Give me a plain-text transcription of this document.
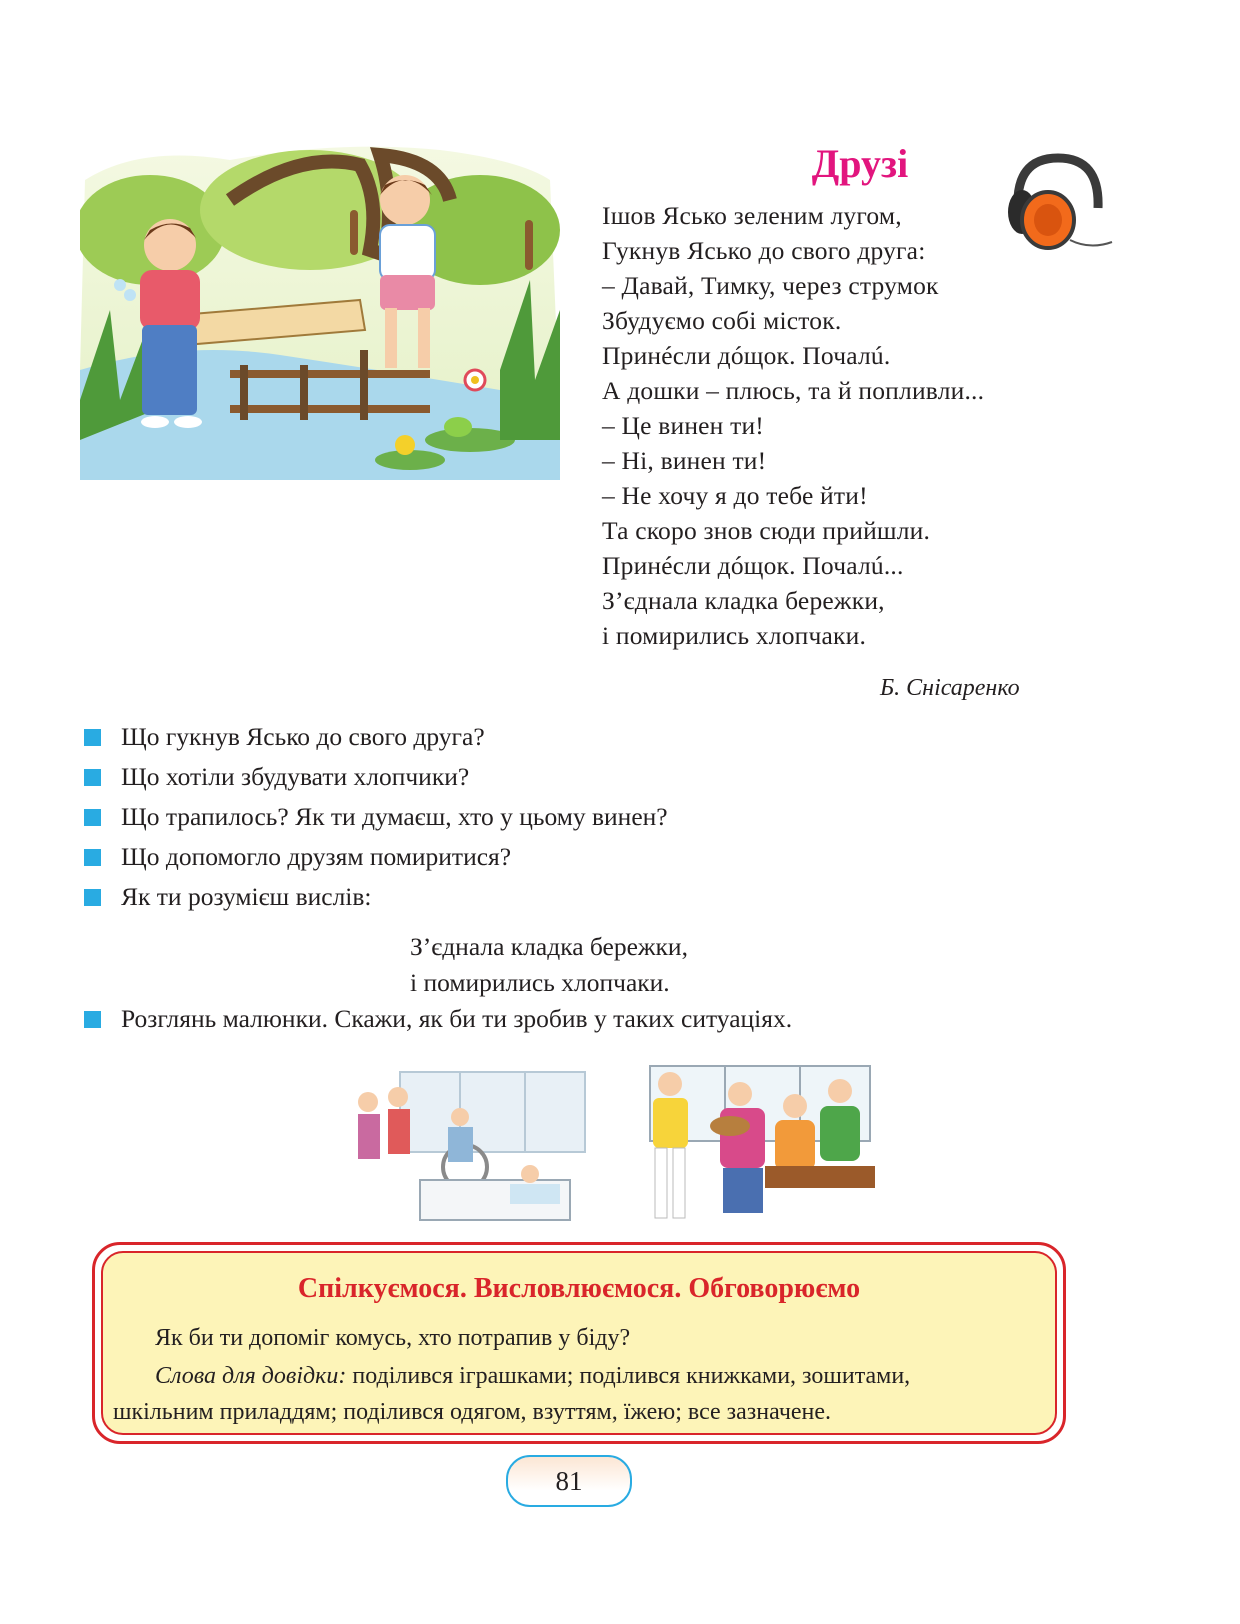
Друзі
Ішов Ясько зеленим лугом,
Гукнув Ясько до свого друга:
– Давай, Тимку, через струмок
Збудуємо собі місток.
Принéсли дóщок. Почалú.
А дошки – плюсь, та й попливли...
– Це винен ти!
– Ні, винен ти!
– Не хочу я до тебе йти!
Та скоро знов сюди прийшли.
Принéсли дóщок. Почалú...
З’єднала кладка бережки,
і помирились хлопчаки.
Б. Снісаренко
Що гукнув Ясько до свого друга?
Що хотіли збудувати хлопчики?
Що трапилось? Як ти думаєш, хто у цьому винен?
Що допомогло друзям помиритися?
Як ти розумієш вислів:
З’єднала кладка бережки,
і помирились хлопчаки.
Розглянь малюнки. Скажи, як би ти зробив у таких ситуаціях.
Спілкуємося. Висловлюємося. Обговорюємо
Як би ти допоміг комусь, хто потрапив у біду?
Слова для довідки: поділився іграшками; поділився книжками, зошитами,
шкільним приладдям; поділився одягом, взуттям, їжею; все зазначене.
81
